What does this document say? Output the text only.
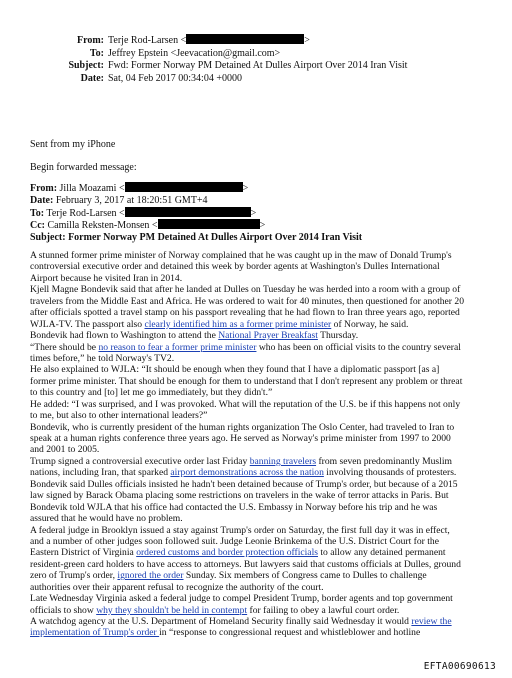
From: Terje Rod-Larsen <	>
To: Jeffrey Epstein <Jeevacation@gmail.com>
Subject: Fwd: Former Norway PM Detained At Dulles Airport Over 2014 Iran Visit
Date: Sat, 04 Feb 2017 00:34:04 +0000
Sent from my iPhone
Begin forwarded message:
From: Jilla Moazami <	>
Date: February 3, 2017 at 18:20:51 GMT+4
To: Terje Rod-Larsen <	>
Cc: Camilla Reksten-Monsen <	>
Subject: Former Norway PM Detained At Dulles Airport Over 2014 Iran Visit
A stunned former prime minister of Norway complained that he was caught up in the maw of Donald Trump's
controversial executive order and detained this week by border agents at Washington's Dulles International
Airport because he visited Iran in 2014.
Kjell Magne Bondevik said that after he landed at Dulles on Tuesday he was herded into a room with a group of
travelers from the Middle East and Africa. He was ordered to wait for 40 minutes, then questioned for another 20
after officials spotted a travel stamp on his passport revealing that he had flown to Iran three years ago, reported
WJLA-TV. The passport also clearly identified him as a former prime minister of Norway, he said.
Bondevik had flown to Washington to attend the National Prayer Breakfast Thursday.
“There should be no reason to fear a former prime minister who has been on official visits to the country several
times before,” he told Norway's TV2.
He also explained to WJLA: “It should be enough when they found that I have a diplomatic passport [as a]
former prime minister. That should be enough for them to understand that I don't represent any problem or threat
to this country and [to] let me go immediately, but they didn't.”
He added: “I was surprised, and I was provoked. What will the reputation of the U.S. be if this happens not only
to me, but also to other international leaders?”
Bondevik, who is currently president of the human rights organization The Oslo Center, had traveled to Iran to
speak at a human rights conference three years ago. He served as Norway's prime minister from 1997 to 2000
and 2001 to 2005.
Trump signed a controversial executive order last Friday banning travelers from seven predominantly Muslim
nations, including Iran, that sparked airport demonstrations across the nation involving thousands of protesters.
Bondevik said Dulles officials insisted he hadn't been detained because of Trump's order, but because of a 2015
law signed by Barack Obama placing some restrictions on travelers in the wake of terror attacks in Paris. But
Bondevik told WJLA that his office had contacted the U.S. Embassy in Norway before his trip and he was
assured that he would have no problem.
A federal judge in Brooklyn issued a stay against Trump's order on Saturday, the first full day it was in effect,
and a number of other judges soon followed suit. Judge Leonie Brinkema of the U.S. District Court for the
Eastern District of Virginia ordered customs and border protection officials to allow any detained permanent
resident-green card holders to have access to attorneys. But lawyers said that customs officials at Dulles, ground
zero of Trump's order, ignored the order Sunday. Six members of Congress came to Dulles to challenge
authorities over their apparent refusal to recognize the authority of the court.
Late Wednesday Virginia asked a federal judge to compel President Trump, border agents and top government
officials to show why they shouldn't be held in contempt for failing to obey a lawful court order.
A watchdog agency at the U.S. Department of Homeland Security finally said Wednesday it would review the
implementation of Trump's order in “response to congressional request and whistleblower and hotline
EFTA00690613
